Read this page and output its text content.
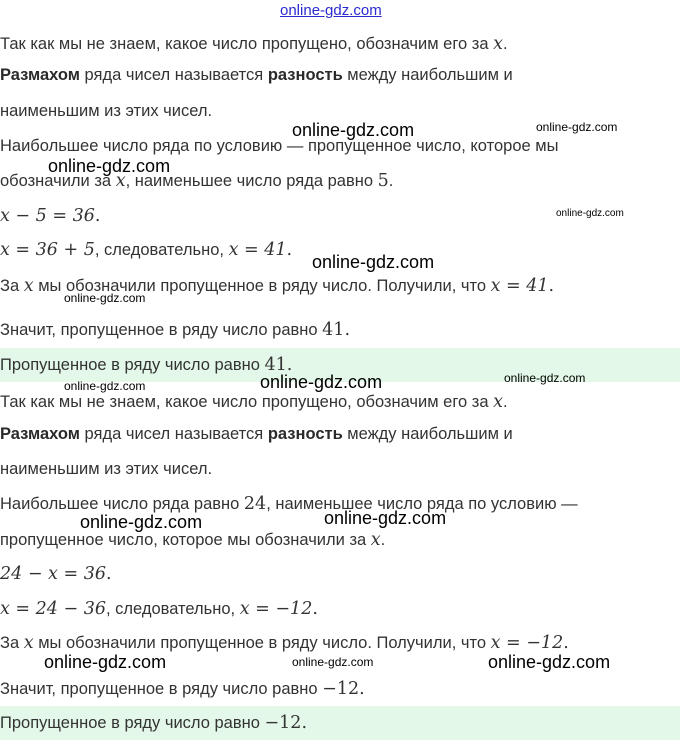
online-gdz.com
Так как мы не знаем, какое число пропущено, обозначим его за x.
Размахом ряда чисел называется разность между наибольшим и
наименьшим из этих чисел.
Наибольшее число ряда по условию — пропущенное число, которое мы
обозначили за x, наименьшее число ряда равно 5.
x − 5 = 36.
x = 36 + 5, следовательно, x = 41.
За x мы обозначили пропущенное в ряду число. Получили, что x = 41.
Значит, пропущенное в ряду число равно 41.
Пропущенное в ряду число равно 41.
Так как мы не знаем, какое число пропущено, обозначим его за x.
Размахом ряда чисел называется разность между наибольшим и
наименьшим из этих чисел.
Наибольшее число ряда равно 24, наименьшее число ряда по условию —
пропущенное число, которое мы обозначили за x.
24 − x = 36.
x = 24 − 36, следовательно, x = −12.
За x мы обозначили пропущенное в ряду число. Получили, что x = −12.
Значит, пропущенное в ряду число равно −12.
Пропущенное в ряду число равно −12.
online-gdz.com	online-gdz.com
online-gdz.com
online-gdz.com
online-gdz.com
online-gdz.com
online-gdz.com	online-gdz.com	online-gdz.com
online-gdz.com	online-gdz.com
online-gdz.com	online-gdz.com	online-gdz.com
